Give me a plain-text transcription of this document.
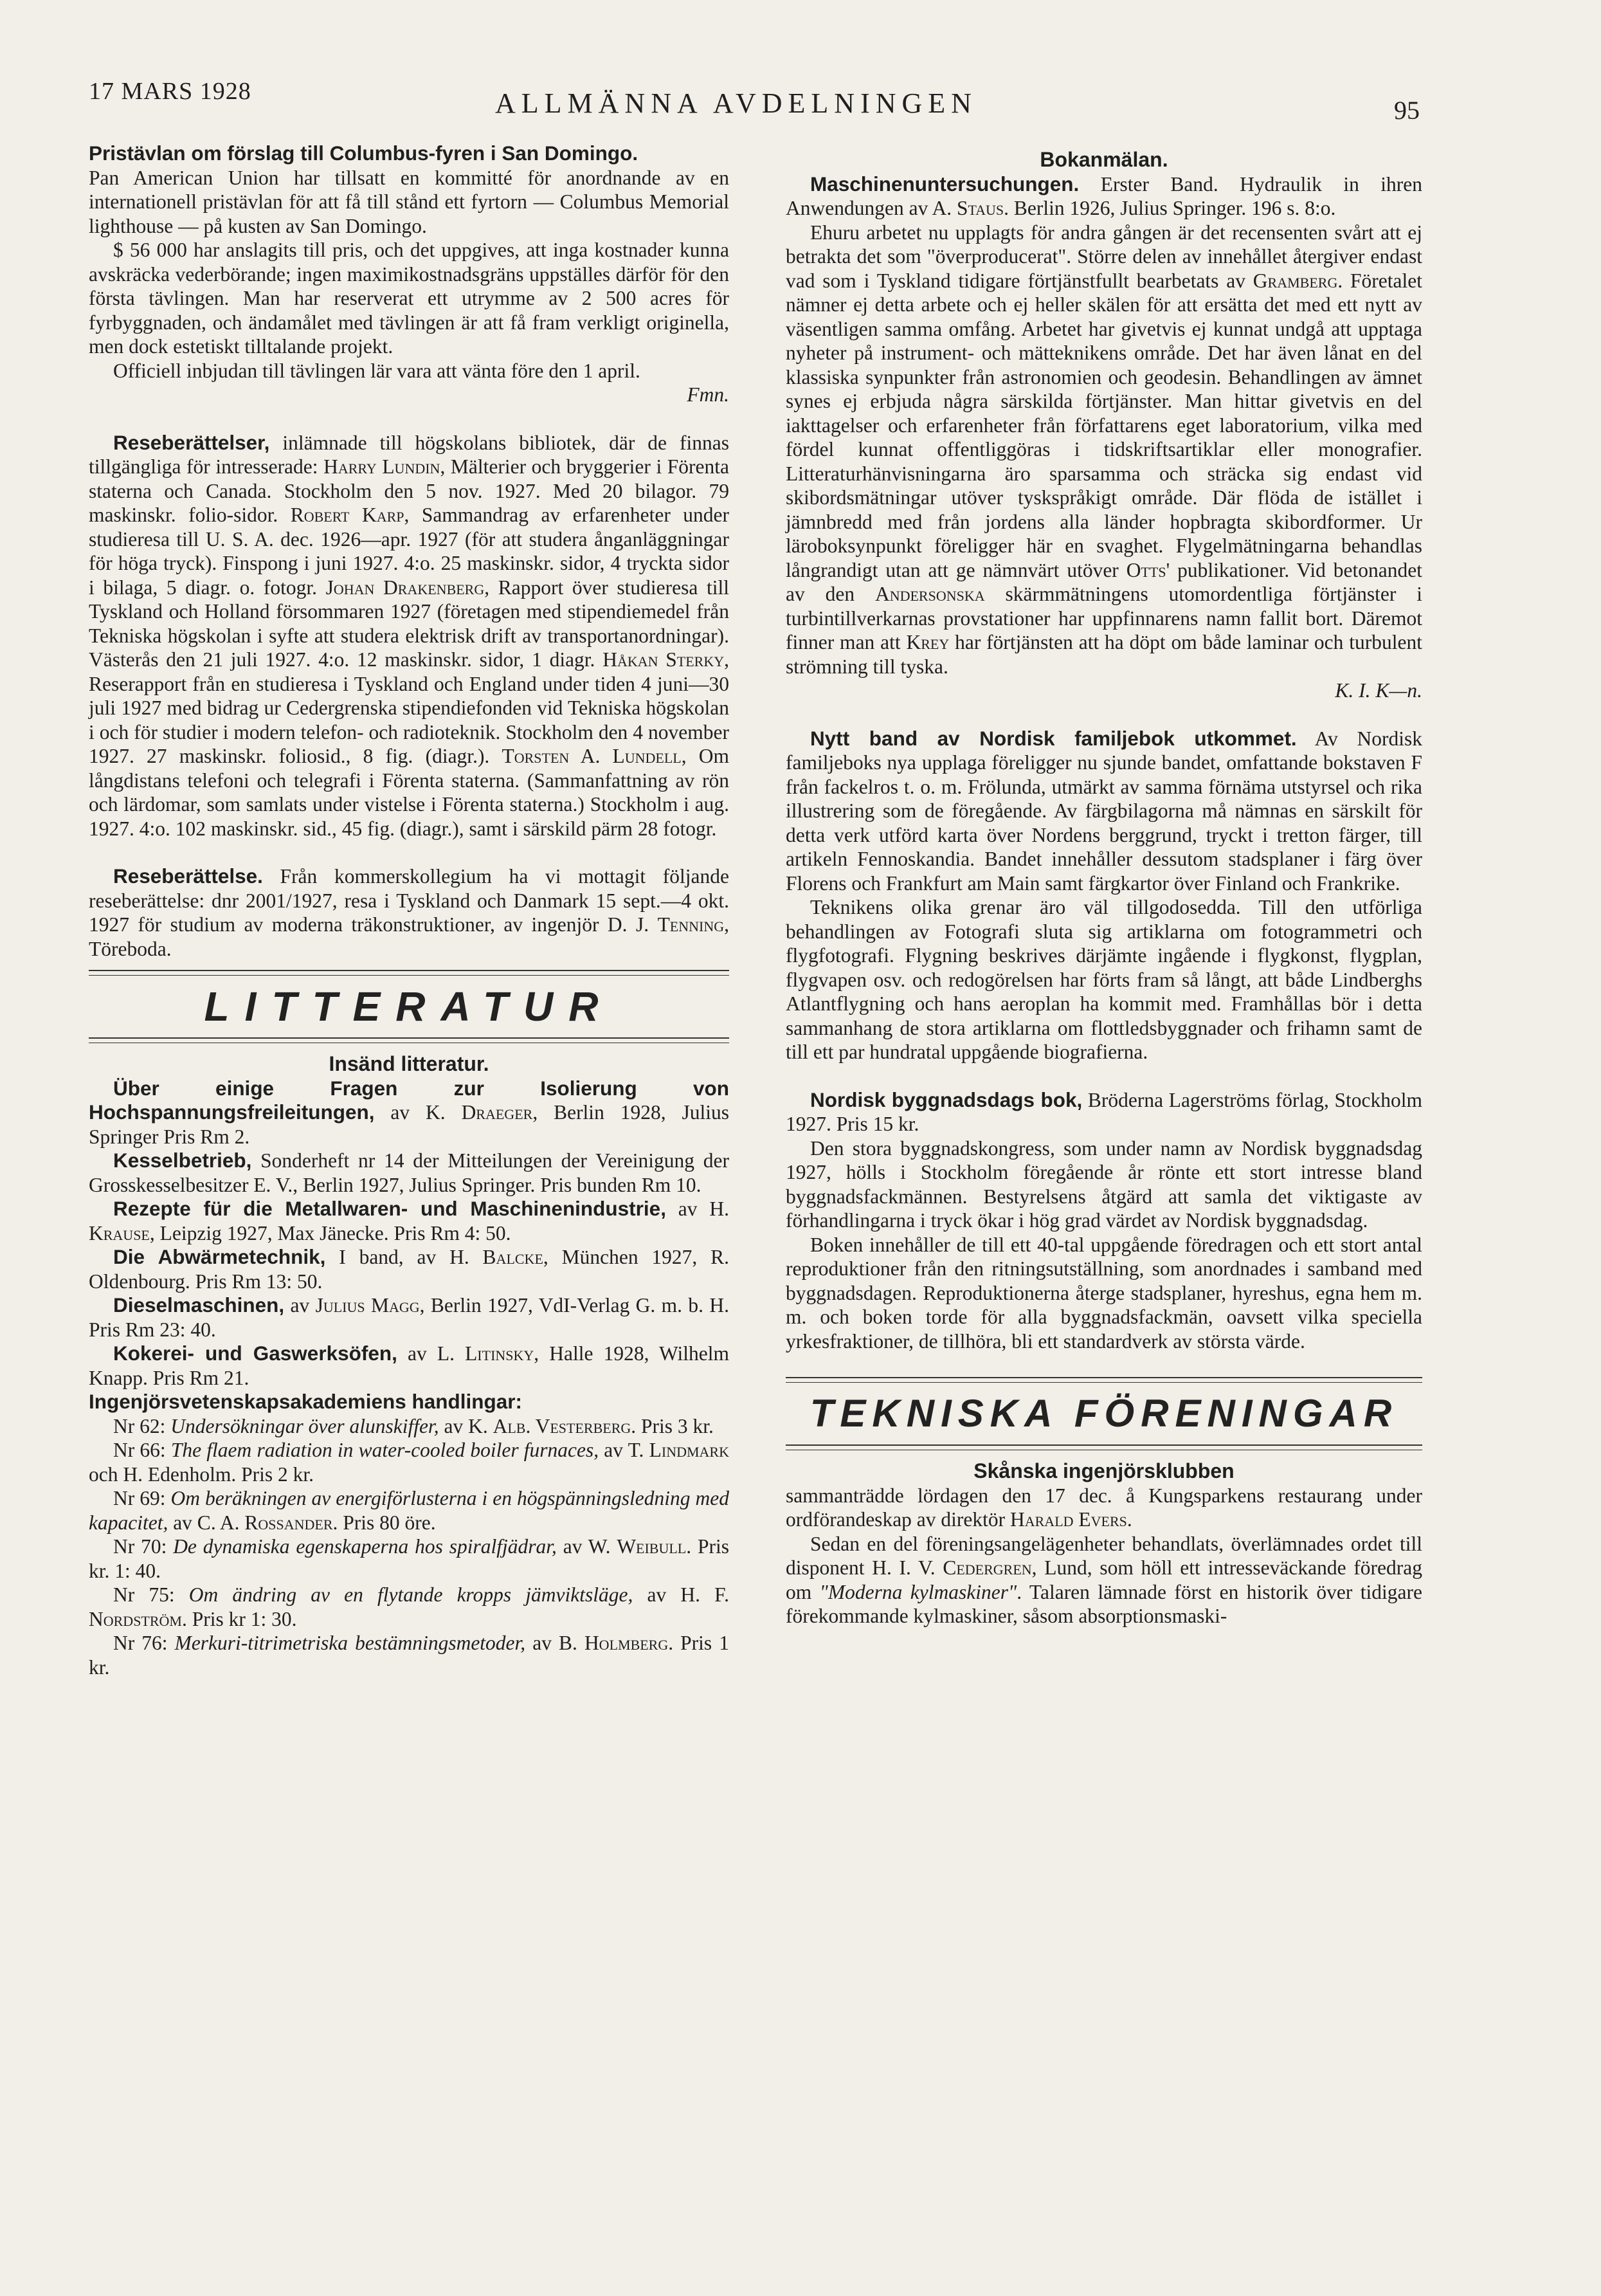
17 MARS 1928	ALLMÄNNA AVDELNINGEN	95

Pristävlan om förslag till Columbus-fyren i San Domingo.

Pan American Union har tillsatt en kommitté för anordnande av en internationell pristävlan för att få till stånd ett fyrtorn — Columbus Memorial lighthouse — på kusten av San Domingo.

$ 56 000 har anslagits till pris, och det uppgives, att inga kostnader kunna avskräcka vederbörande; ingen maximikostnadsgräns uppställes därför för den första tävlingen. Man har reserverat ett utrymme av 2 500 acres för fyrbyggnaden, och ändamålet med tävlingen är att få fram verkligt originella, men dock estetiskt tilltalande projekt.

Officiell inbjudan till tävlingen lär vara att vänta före den 1 april.

Fmn.

Reseberättelser, inlämnade till högskolans bibliotek, där de finnas tillgängliga för intresserade: Harry Lundin, Mälterier och bryggerier i Förenta staterna och Canada. Stockholm den 5 nov. 1927. Med 20 bilagor. 79 maskinskr. folio-sidor. Robert Karp, Sammandrag av erfarenheter under studieresa till U. S. A. dec. 1926—apr. 1927 (för att studera ånganläggningar för höga tryck). Finspong i juni 1927. 4:o. 25 maskinskr. sidor, 4 tryckta sidor i bilaga, 5 diagr. o. fotogr. Johan Drakenberg, Rapport över studieresa till Tyskland och Holland försommaren 1927 (företagen med stipendiemedel från Tekniska högskolan i syfte att studera elektrisk drift av transportanordningar). Västerås den 21 juli 1927. 4:o. 12 maskinskr. sidor, 1 diagr. Håkan Sterky, Reserapport från en studieresa i Tyskland och England under tiden 4 juni—30 juli 1927 med bidrag ur Cedergrenska stipendiefonden vid Tekniska högskolan i och för studier i modern telefon- och radioteknik. Stockholm den 4 november 1927. 27 maskinskr. foliosid., 8 fig. (diagr.). Torsten A. Lundell, Om långdistans telefoni och telegrafi i Förenta staterna. (Sammanfattning av rön och lärdomar, som samlats under vistelse i Förenta staterna.) Stockholm i aug. 1927. 4:o. 102 maskinskr. sid., 45 fig. (diagr.), samt i särskild pärm 28 fotogr.

Reseberättelse. Från kommerskollegium ha vi mottagit följande reseberättelse: dnr 2001/1927, resa i Tyskland och Danmark 15 sept.—4 okt. 1927 för studium av moderna träkonstruktioner, av ingenjör D. J. Tenning, Töreboda.

LITTERATUR

Insänd litteratur.

Über einige Fragen zur Isolierung von Hochspannungsfreileitungen, av K. Draeger, Berlin 1928, Julius Springer Pris Rm 2.

Kesselbetrieb, Sonderheft nr 14 der Mitteilungen der Vereinigung der Grosskesselbesitzer E. V., Berlin 1927, Julius Springer. Pris bunden Rm 10.

Rezepte für die Metallwaren- und Maschinenindustrie, av H. Krause, Leipzig 1927, Max Jänecke. Pris Rm 4: 50.

Die Abwärmetechnik, I band, av H. Balcke, München 1927, R. Oldenbourg. Pris Rm 13: 50.

Dieselmaschinen, av Julius Magg, Berlin 1927, VdI-Verlag G. m. b. H. Pris Rm 23: 40.

Kokerei- und Gaswerksöfen, av L. Litinsky, Halle 1928, Wilhelm Knapp. Pris Rm 21.

Ingenjörsvetenskapsakademiens handlingar:

Nr 62: Undersökningar över alunskiffer, av K. Alb. Vesterberg. Pris 3 kr.

Nr 66: The flaem radiation in water-cooled boiler furnaces, av T. Lindmark och H. Edenholm. Pris 2 kr.

Nr 69: Om beräkningen av energiförlusterna i en högspänningsledning med kapacitet, av C. A. Rossander. Pris 80 öre.

Nr 70: De dynamiska egenskaperna hos spiralfjädrar, av W. Weibull. Pris kr. 1: 40.

Nr 75: Om ändring av en flytande kropps jämviktsläge, av H. F. Nordström. Pris kr 1: 30.

Nr 76: Merkuri-titrimetriska bestämningsmetoder, av B. Holmberg. Pris 1 kr.

Bokanmälan.

Maschinenuntersuchungen. Erster Band. Hydraulik in ihren Anwendungen av A. Staus. Berlin 1926, Julius Springer. 196 s. 8:o.

Ehuru arbetet nu upplagts för andra gången är det recensenten svårt att ej betrakta det som "överproducerat". Större delen av innehållet återgiver endast vad som i Tyskland tidigare förtjänstfullt bearbetats av Gramberg. Företalet nämner ej detta arbete och ej heller skälen för att ersätta det med ett nytt av väsentligen samma omfång. Arbetet har givetvis ej kunnat undgå att upptaga nyheter på instrument- och mätteknikens område. Det har även lånat en del klassiska synpunkter från astronomien och geodesin. Behandlingen av ämnet synes ej erbjuda några särskilda förtjänster. Man hittar givetvis en del iakttagelser och erfarenheter från författarens eget laboratorium, vilka med fördel kunnat offentliggöras i tidskriftsartiklar eller monografier. Litteraturhänvisningarna äro sparsamma och sträcka sig endast vid skibordsmätningar utöver tyskspråkigt område. Där flöda de istället i jämnbredd med från jordens alla länder hopbragta skibordformer. Ur läroboksynpunkt föreligger här en svaghet. Flygelmätningarna behandlas långrandigt utan att ge nämnvärt utöver Otts' publikationer. Vid betonandet av den Andersonska skärmmätningens utomordentliga förtjänster i turbintillverkarnas provstationer har uppfinnarens namn fallit bort. Däremot finner man att Krey har förtjänsten att ha döpt om både laminar och turbulent strömning till tyska.

K. I. K—n.

Nytt band av Nordisk familjebok utkommet. Av Nordisk familjeboks nya upplaga föreligger nu sjunde bandet, omfattande bokstaven F från fackelros t. o. m. Frölunda, utmärkt av samma förnäma utstyrsel och rika illustrering som de föregående. Av färgbilagorna må nämnas en särskilt för detta verk utförd karta över Nordens berggrund, tryckt i tretton färger, till artikeln Fennoskandia. Bandet innehåller dessutom stadsplaner i färg över Florens och Frankfurt am Main samt färgkartor över Finland och Frankrike.

Teknikens olika grenar äro väl tillgodosedda. Till den utförliga behandlingen av Fotografi sluta sig artiklarna om fotogrammetri och flygfotografi. Flygning beskrives därjämte ingående i flygkonst, flygplan, flygvapen osv. och redogörelsen har förts fram så långt, att både Lindberghs Atlantflygning och hans aeroplan ha kommit med. Framhållas bör i detta sammanhang de stora artiklarna om flottledsbyggnader och frihamn samt de till ett par hundratal uppgående biografierna.

Nordisk byggnadsdags bok, Bröderna Lagerströms förlag, Stockholm 1927. Pris 15 kr.

Den stora byggnadskongress, som under namn av Nordisk byggnadsdag 1927, hölls i Stockholm föregående år rönte ett stort intresse bland byggnadsfackmännen. Bestyrelsens åtgärd att samla det viktigaste av förhandlingarna i tryck ökar i hög grad värdet av Nordisk byggnadsdag.

Boken innehåller de till ett 40-tal uppgående föredragen och ett stort antal reproduktioner från den ritningsutställning, som anordnades i samband med byggnadsdagen. Reproduktionerna återge stadsplaner, hyreshus, egna hem m. m. och boken torde för alla byggnadsfackmän, oavsett vilka speciella yrkesfraktioner, de tillhöra, bli ett standardverk av största värde.

TEKNISKA FÖRENINGAR

Skånska ingenjörsklubben

sammanträdde lördagen den 17 dec. å Kungsparkens restaurang under ordförandeskap av direktör Harald Evers.

Sedan en del föreningsangelägenheter behandlats, överlämnades ordet till disponent H. I. V. Cedergren, Lund, som höll ett intresseväckande föredrag om "Moderna kylmaskiner". Talaren lämnade först en historik över tidigare förekommande kylmaskiner, såsom absorptionsmaski-
